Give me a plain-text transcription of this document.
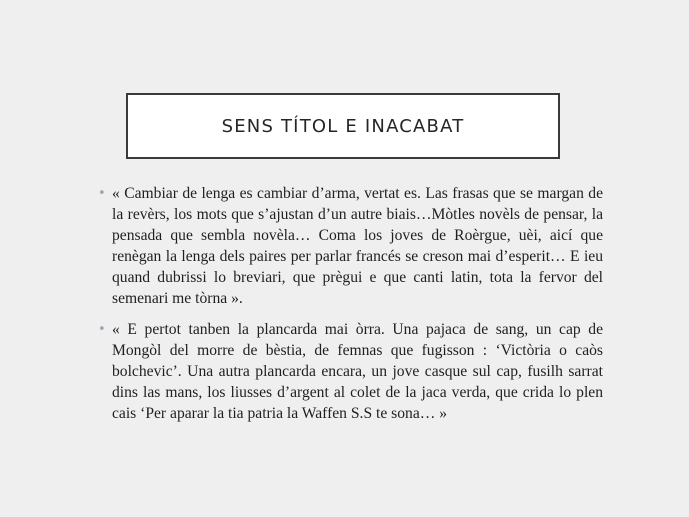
SENS TÍTOL E INACABAT
• « Cambiar de lenga es cambiar d’arma, vertat es. Las frasas que se margan de la revèrs, los mots que s’ajustan d’un autre biais…Mòtles novèls de pensar, la pensada que sembla novèla… Coma los joves de Roèrgue, uèi, aicí que renègan la lenga dels paires per parlar francés se creson mai d’esperit… E ieu quand dubrissi lo breviari, que prègui e que canti latin, tota la fervor del semenari me tòrna ».
• « E pertot tanben la plancarda mai òrra. Una pajaca de sang, un cap de Mongòl del morre de bèstia, de femnas que fugisson : ‘Victòria o caòs bolchevic’. Una autra plancarda encara, un jove casque sul cap, fusilh sarrat dins las mans, los liusses d’argent al colet de la jaca verda, que crida lo plen cais ‘Per aparar la tia patria la Waffen S.S te sona… »
